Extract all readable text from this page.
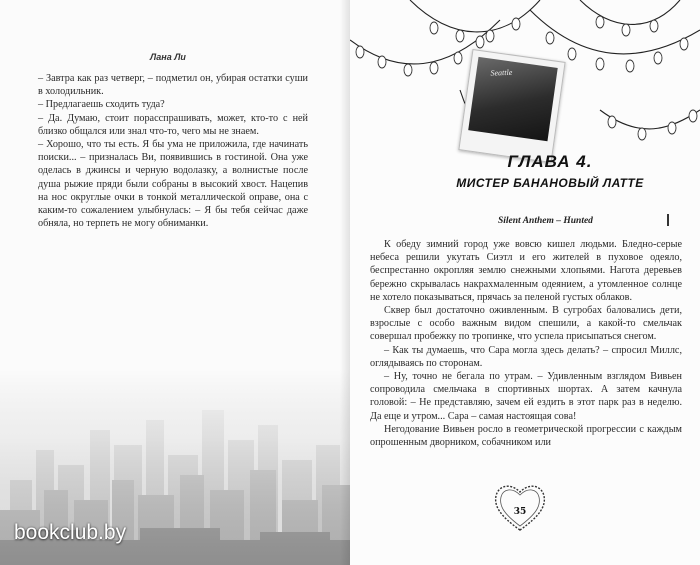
Лана Ли

– Завтра как раз четверг, – подметил он, убирая остатки суши в холодильник.

– Предлагаешь сходить туда?

– Да. Думаю, стоит порасспрашивать, может, кто-то с ней близко общался или знал что-то, чего мы не знаем.

– Хорошо, что ты есть. Я бы ума не приложила, где начинать поиски... – призналась Ви, появившись в гостиной. Она уже оделась в джинсы и черную водолазку, а волнистые после душа рыжие пряди были собраны в высокий хвост. Нацепив на нос округлые очки в тонкой металлической оправе, она с каким-то сожалением улыбнулась: – Я бы тебя сейчас даже обняла, но терпеть не могу обниманки.

bookclub.by
Seattle
ГЛАВА 4.
МИСТЕР БАНАНОВЫЙ ЛАТТЕ
Silent Anthem – Hunted

К обеду зимний город уже вовсю кишел людьми. Бледно-серые небеса решили укутать Сиэтл и его жителей в пуховое одеяло, беспрестанно окропляя землю снежными хлопьями. Нагота деревьев бережно скрывалась накрахмаленным одеянием, а утомленное солнце не хотело показываться, прячась за пеленой густых облаков.

Сквер был достаточно оживленным. В сугробах баловались дети, взрослые с особо важным видом спешили, а какой-то смельчак совершал пробежку по тропинке, что успела присыпаться снегом.

– Как ты думаешь, что Сара могла здесь делать? – спросил Миллс, оглядываясь по сторонам.

– Ну, точно не бегала по утрам. – Удивленным взглядом Вивьен сопроводила смельчака в спортивных шортах. А затем качнула головой: – Не представляю, зачем ей ездить в этот парк раз в неделю. Да еще и утром... Сара – самая настоящая сова!

Негодование Вивьен росло в геометрической прогрессии с каждым опрошенным дворником, собачником или

35
